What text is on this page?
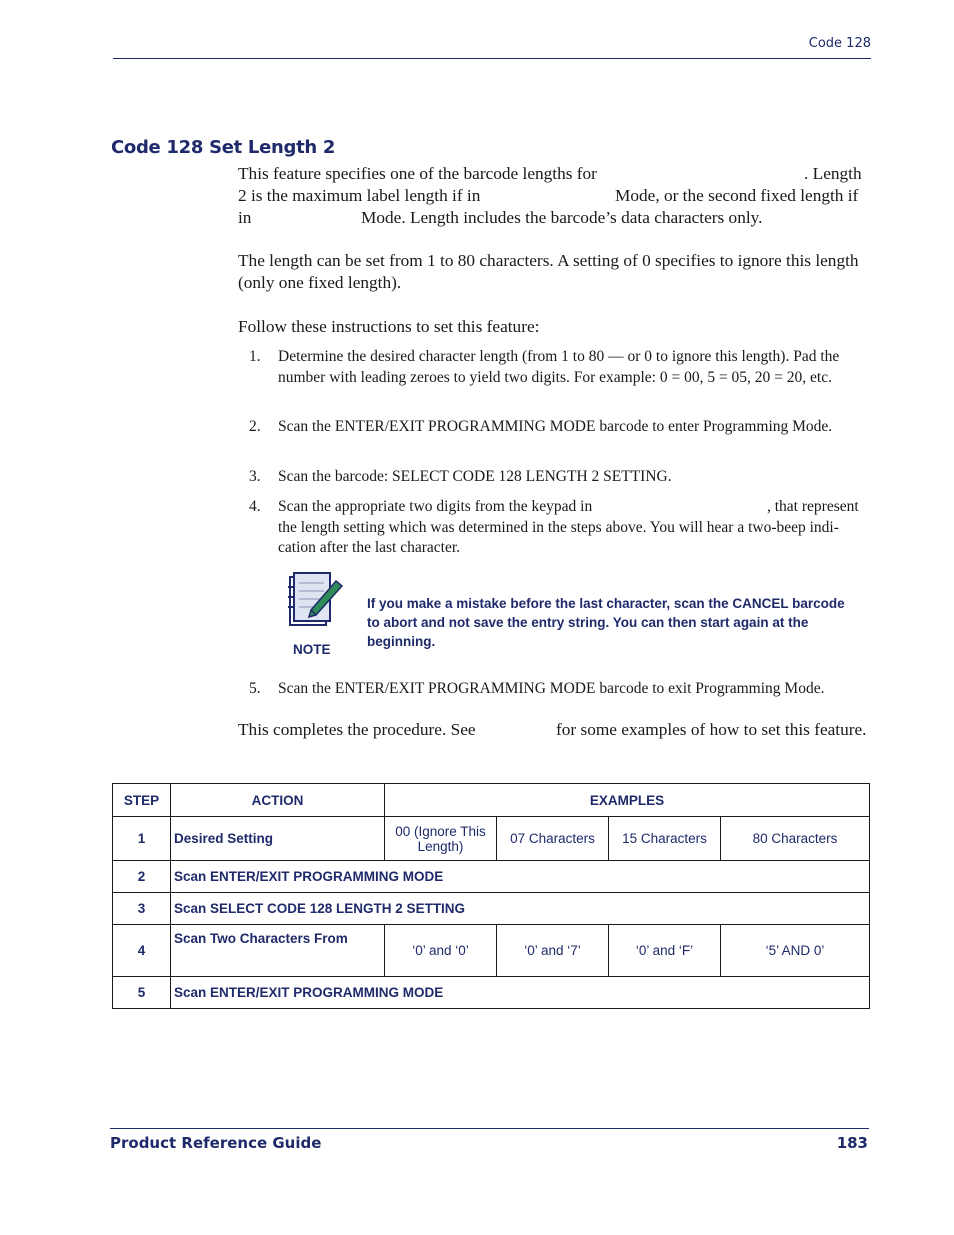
Code 128
Code 128 Set Length 2
This feature specifies one of the barcode lengths for	. Length
2 is the maximum label length if in	Mode, or the second fixed length if
in	Mode. Length includes the barcode’s data characters only.
The length can be set from 1 to 80 characters. A setting of 0 specifies to ignore this length
(only one fixed length).
Follow these instructions to set this feature:
1.	Determine the desired character length (from 1 to 80 — or 0 to ignore this length). Pad the number with leading zeroes to yield two digits. For example: 0 = 00, 5 = 05, 20 = 20, etc.
2.	Scan the ENTER/EXIT PROGRAMMING MODE barcode to enter Programming Mode.
3.	Scan the barcode: SELECT CODE 128 LENGTH 2 SETTING.
4.	Scan the appropriate two digits from the keypad in	, that represent
the length setting which was determined in the steps above. You will hear a two-beep indi-
cation after the last character.
NOTE
If you make a mistake before the last character, scan the CANCEL barcode to abort and not save the entry string. You can then start again at the beginning.
5.	Scan the ENTER/EXIT PROGRAMMING MODE barcode to exit Programming Mode.
This completes the procedure. See	for some examples of how to set this feature.
STEP	ACTION	EXAMPLES			
1	Desired Setting	00 (Ignore This Length)	07 Characters	15 Characters	80 Characters
2	Scan ENTER/EXIT PROGRAMMING MODE				
3	Scan SELECT CODE 128 LENGTH 2 SETTING				
4	Scan Two Characters From	‘0’ and ‘0’	‘0’ and ‘7’	‘0’ and ‘F’	‘5’ AND 0’
5	Scan ENTER/EXIT PROGRAMMING MODE				
Product Reference Guide	183
